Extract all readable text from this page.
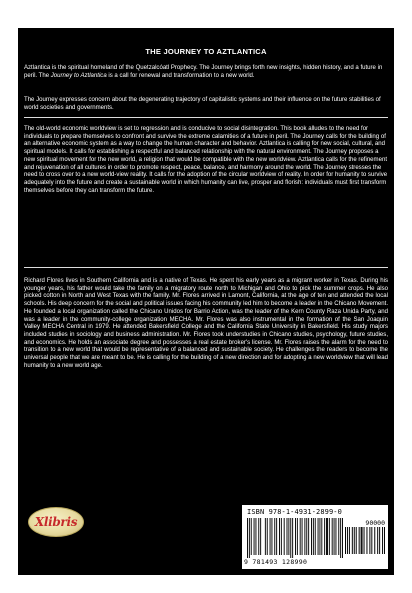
THE JOURNEY TO AZTLANTICA

Aztlantica is the spiritual homeland of the Quetzalcóatl Prophecy. The Journey brings forth new insights, hidden history, and a future in peril. The Journey to Aztlantica is a call for renewal and transformation to a new world.

The Journey expresses concern about the degenerating trajectory of capitalistic systems and their influence on the future stabilities of world societies and governments.

The old-world economic worldview is set to regression and is conducive to social disintegration. This book alludes to the need for individuals to prepare themselves to confront and survive the extreme calamities of a future in peril. The Journey calls for the building of an alternative economic system as a way to change the human character and behavior. Aztlantica is calling for new social, cultural, and spiritual models. It calls for establishing a respectful and balanced relationship with the natural environment. The Journey proposes a new spiritual movement for the new world, a religion that would be compatible with the new worldview. Aztlantica calls for the refinement and rejuvenation of all cultures in order to promote respect, peace, balance, and harmony around the world. The Journey stresses the need to cross over to a new world-view reality. It calls for the adoption of the circular worldview of reality. In order for humanity to survive adequately into the future and create a sustainable world in which humanity can live, prosper and florish: individuals must first transform themselves before they can transform the future.

Richard Flores lives in Southern California and is a native of Texas. He spent his early years as a migrant worker in Texas. During his younger years, his father would take the family on a migratory route north to Michigan and Ohio to pick the summer crops. He also picked cotton in North and West Texas with the family. Mr. Flores arrived in Lamont, California, at the age of ten and attended the local schools. His deep concern for the social and political issues facing his community led him to become a leader in the Chicano Movement. He founded a local organization called the Chicano Unidos for Barrio Action, was the leader of the Kern County Raza Unida Party, and was a leader in the community-college organization MECHA. Mr. Flores was also instrumental in the formation of the San Joaquin Valley MECHA Central in 1979. He attended Bakersfield College and the California State University in Bakersfield. His study majors included studies in sociology and business administration. Mr. Flores took understudies in Chicano studies, psychology, future studies, and economics. He holds an associate degree and possesses a real estate broker's license. Mr. Flores raises the alarm for the need to transition to a new world that would be representative of a balanced and sustainable society. He challenges the readers to become the universal people that we are meant to be. He is calling for the building of a new direction and for adopting a new worldview that will lead humanity to a new world age.

Xlibris
ISBN 978-1-4931-2899-0
90000
9 781493 128990
